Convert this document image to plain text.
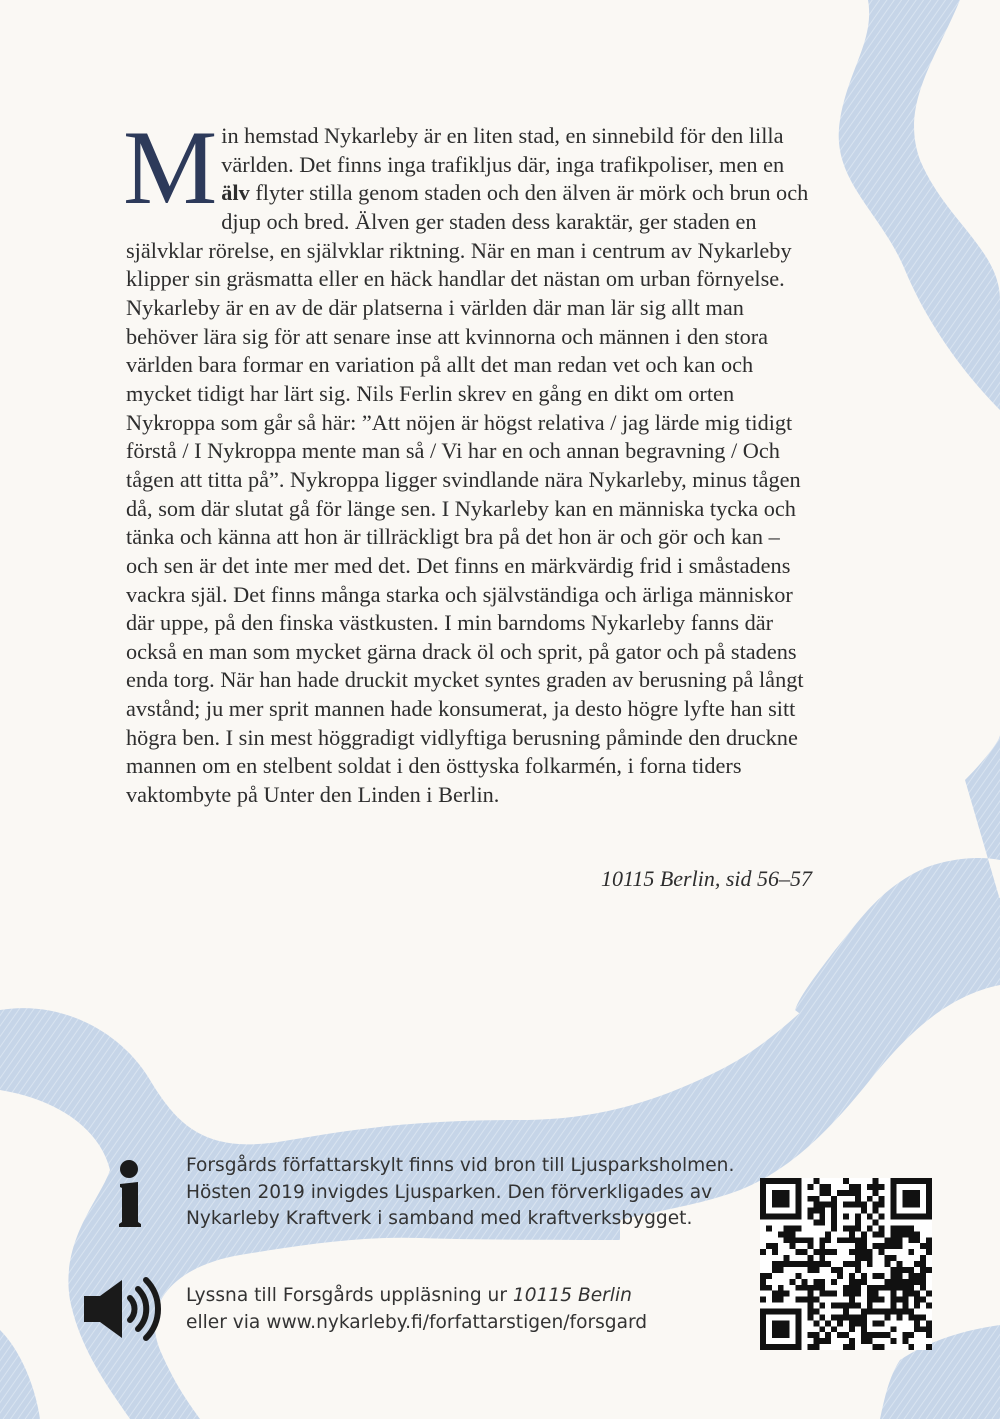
Min hemstad Nykarleby är en liten stad, en sinnebild för den lilla världen. Det finns inga trafikljus där, inga trafikpoliser, men en älv flyter stilla genom staden och den älven är mörk och brun och djup och bred. Älven ger staden dess karaktär, ger staden en självklar rörelse, en självklar riktning. När en man i centrum av Nykarleby klipper sin gräsmatta eller en häck handlar det nästan om urban förnyelse. Nykarleby är en av de där platserna i världen där man lär sig allt man behöver lära sig för att senare inse att kvinnorna och männen i den stora världen bara formar en variation på allt det man redan vet och kan och mycket tidigt har lärt sig. Nils Ferlin skrev en gång en dikt om orten Nykroppa som går så här: ”Att nöjen är högst relativa / jag lärde mig tidigt förstå / I Nykroppa mente man så / Vi har en och annan begravning / Och tågen att titta på”. Nykroppa ligger svindlande nära Nykarleby, minus tågen då, som där slutat gå för länge sen. I Nykarleby kan en människa tycka och tänka och känna att hon är tillräckligt bra på det hon är och gör och kan – och sen är det inte mer med det. Det finns en märkvärdig frid i småstadens vackra själ. Det finns många starka och självständiga och ärliga människor där uppe, på den finska västkusten. I min barndoms Nykarleby fanns där också en man som mycket gärna drack öl och sprit, på gator och på stadens enda torg. När han hade druckit mycket syntes graden av berusning på långt avstånd; ju mer sprit mannen hade konsumerat, ja desto högre lyfte han sitt högra ben. I sin mest höggradigt vidlyftiga berusning påminde den druckne mannen om en stelbent soldat i den östtyska folkarmén, i forna tiders vaktombyte på Unter den Linden i Berlin.
10115 Berlin, sid 56–57
Forsgårds författarskylt finns vid bron till Ljusparksholmen.
Hösten 2019 invigdes Ljusparken. Den förverkligades av
Nykarleby Kraftverk i samband med kraftverksbygget.
Lyssna till Forsgårds uppläsning ur 10115 Berlin
eller via www.nykarleby.fi/forfattarstigen/forsgard
